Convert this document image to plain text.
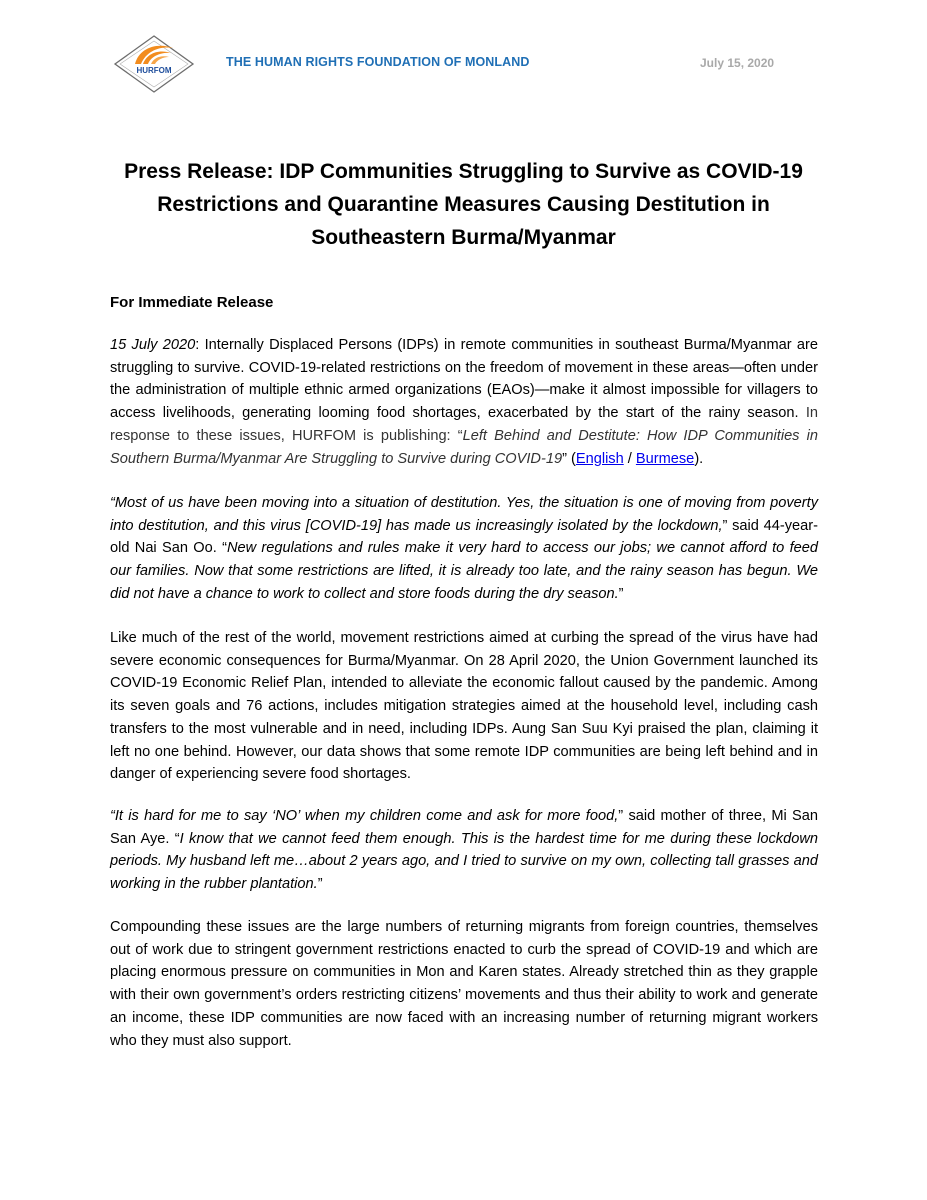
HURFOM
THE HUMAN RIGHTS FOUNDATION OF MONLAND	July 15, 2020
Press Release: IDP Communities Struggling to Survive as COVID-19
Restrictions and Quarantine Measures Causing Destitution in
Southeastern Burma/Myanmar
For Immediate Release

15 July 2020: Internally Displaced Persons (IDPs) in remote communities in southeast Burma/Myanmar are struggling to survive. COVID-19-related restrictions on the freedom of movement in these areas—often under the administration of multiple ethnic armed organizations (EAOs)—make it almost impossible for villagers to access livelihoods, generating looming food shortages, exacerbated by the start of the rainy season. In response to these issues, HURFOM is publishing: “Left Behind and Destitute: How IDP Communities in Southern Burma/Myanmar Are Struggling to Survive during COVID-19” (English / Burmese).

“Most of us have been moving into a situation of destitution. Yes, the situation is one of moving from poverty into destitution, and this virus [COVID-19] has made us increasingly isolated by the lockdown,” said 44-year-old Nai San Oo. “New regulations and rules make it very hard to access our jobs; we cannot afford to feed our families. Now that some restrictions are lifted, it is already too late, and the rainy season has begun. We did not have a chance to work to collect and store foods during the dry season.”

Like much of the rest of the world, movement restrictions aimed at curbing the spread of the virus have had severe economic consequences for Burma/Myanmar. On 28 April 2020, the Union Government launched its COVID-19 Economic Relief Plan, intended to alleviate the economic fallout caused by the pandemic. Among its seven goals and 76 actions, includes mitigation strategies aimed at the household level, including cash transfers to the most vulnerable and in need, including IDPs. Aung San Suu Kyi praised the plan, claiming it left no one behind. However, our data shows that some remote IDP communities are being left behind and in danger of experiencing severe food shortages.

“It is hard for me to say ‘NO’ when my children come and ask for more food,” said mother of three, Mi San San Aye. “I know that we cannot feed them enough. This is the hardest time for me during these lockdown periods. My husband left me…about 2 years ago, and I tried to survive on my own, collecting tall grasses and working in the rubber plantation.”

Compounding these issues are the large numbers of returning migrants from foreign countries, themselves out of work due to stringent government restrictions enacted to curb the spread of COVID-19 and which are placing enormous pressure on communities in Mon and Karen states. Already stretched thin as they grapple with their own government’s orders restricting citizens’ movements and thus their ability to work and generate an income, these IDP communities are now faced with an increasing number of returning migrant workers who they must also support.
